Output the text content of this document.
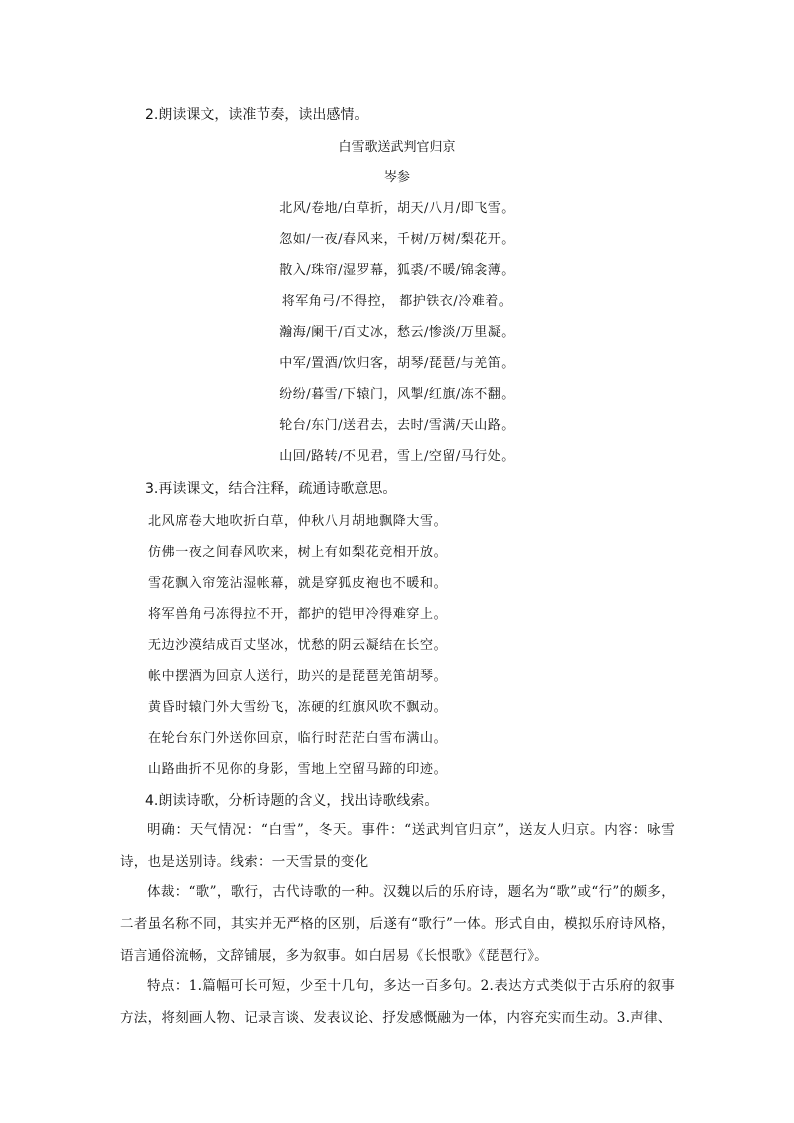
2.朗读课文，读准节奏，读出感情。
白雪歌送武判官归京
岑参
北风/卷地/白草折，胡天/八月/即飞雪。
忽如/一夜/春风来，千树/万树/梨花开。
散入/珠帘/湿罗幕，狐裘/不暖/锦衾薄。
将军角弓/不得控， 都护铁衣/冷难着。
瀚海/阑干/百丈冰，愁云/惨淡/万里凝。
中军/置酒/饮归客，胡琴/琵琶/与羌笛。
纷纷/暮雪/下辕门，风掣/红旗/冻不翻。
轮台/东门/送君去，去时/雪满/天山路。
山回/路转/不见君，雪上/空留/马行处。
3.再读课文，结合注释，疏通诗歌意思。
北风席卷大地吹折白草，仲秋八月胡地飘降大雪。
仿佛一夜之间春风吹来，树上有如梨花竞相开放。
雪花飘入帘笼沾湿帐幕，就是穿狐皮袍也不暖和。
将军兽角弓冻得拉不开，都护的铠甲冷得难穿上。
无边沙漠结成百丈坚冰，忧愁的阴云凝结在长空。
帐中摆酒为回京人送行，助兴的是琵琶羌笛胡琴。
黄昏时辕门外大雪纷飞，冻硬的红旗风吹不飘动。
在轮台东门外送你回京，临行时茫茫白雪布满山。
山路曲折不见你的身影，雪地上空留马蹄的印迹。
4.朗读诗歌，分析诗题的含义，找出诗歌线索。
明确：天气情况：“白雪”，冬天。事件：“送武判官归京”，送友人归京。内容：咏雪诗，也是送别诗。线索：一天雪景的变化
体裁：“歌”，歌行，古代诗歌的一种。汉魏以后的乐府诗，题名为“歌”或“行”的颇多，二者虽名称不同，其实并无严格的区别，后遂有“歌行”一体。形式自由，模拟乐府诗风格，语言通俗流畅，文辞铺展，多为叙事。如白居易《长恨歌》《琵琶行》。
特点：1.篇幅可长可短，少至十几句，多达一百多句。2.表达方式类似于古乐府的叙事方法，将刻画人物、记录言谈、发表议论、抒发感慨融为一体，内容充实而生动。3.声律、
